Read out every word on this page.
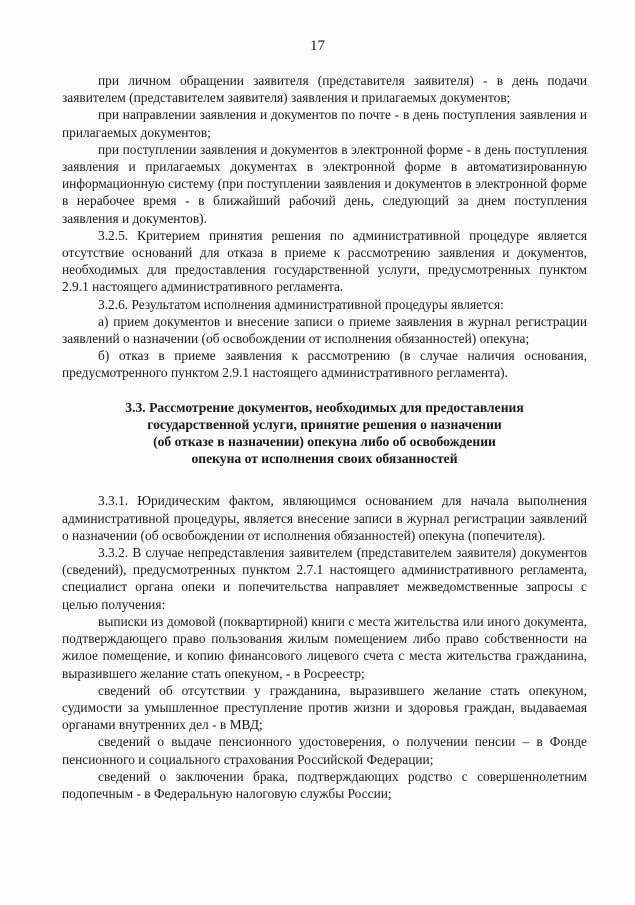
17

при личном обращении заявителя (представителя заявителя) - в день подачи заявителем (представителем заявителя) заявления и прилагаемых документов;

при направлении заявления и документов по почте - в день поступления заявления и прилагаемых документов;

при поступлении заявления и документов в электронной форме - в день поступления заявления и прилагаемых документах в электронной форме в автоматизированную информационную систему (при поступлении заявления и документов в электронной форме в нерабочее время - в ближайший рабочий день, следующий за днем поступления заявления и документов).

3.2.5. Критерием принятия решения по административной процедуре является отсутствие оснований для отказа в приеме к рассмотрению заявления и документов, необходимых для предоставления государственной услуги, предусмотренных пунктом 2.9.1 настоящего административного регламента.

3.2.6. Результатом исполнения административной процедуры является:

а) прием документов и внесение записи о приеме заявления в журнал регистрации заявлений о назначении (об освобождении от исполнения обязанностей) опекуна;

б) отказ в приеме заявления к рассмотрению (в случае наличия основания, предусмотренного пунктом 2.9.1 настоящего административного регламента).

3.3. Рассмотрение документов, необходимых для предоставления
государственной услуги, принятие решения о назначении
(об отказе в назначении) опекуна либо об освобождении
опекуна от исполнения своих обязанностей

3.3.1. Юридическим фактом, являющимся основанием для начала выполнения административной процедуры, является внесение записи в журнал регистрации заявлений о назначении (об освобождении от исполнения обязанностей) опекуна (попечителя).

3.3.2. В случае непредставления заявителем (представителем заявителя) документов (сведений), предусмотренных пунктом 2.7.1 настоящего административного регламента, специалист органа опеки и попечительства направляет межведомственные запросы с целью получения:

выписки из домовой (поквартирной) книги с места жительства или иного документа, подтверждающего право пользования жилым помещением либо право собственности на жилое помещение, и копию финансового лицевого счета с места жительства гражданина, выразившего желание стать опекуном, - в Росреестр;

сведений об отсутствии у гражданина, выразившего желание стать опекуном, судимости за умышленное преступление против жизни и здоровья граждан, выдаваемая органами внутренних дел - в МВД;

сведений о выдаче пенсионного удостоверения, о получении пенсии – в Фонде пенсионного и социального страхования Российской Федерации;

сведений о заключении брака, подтверждающих родство с совершеннолетним подопечным - в Федеральную налоговую службы России;
